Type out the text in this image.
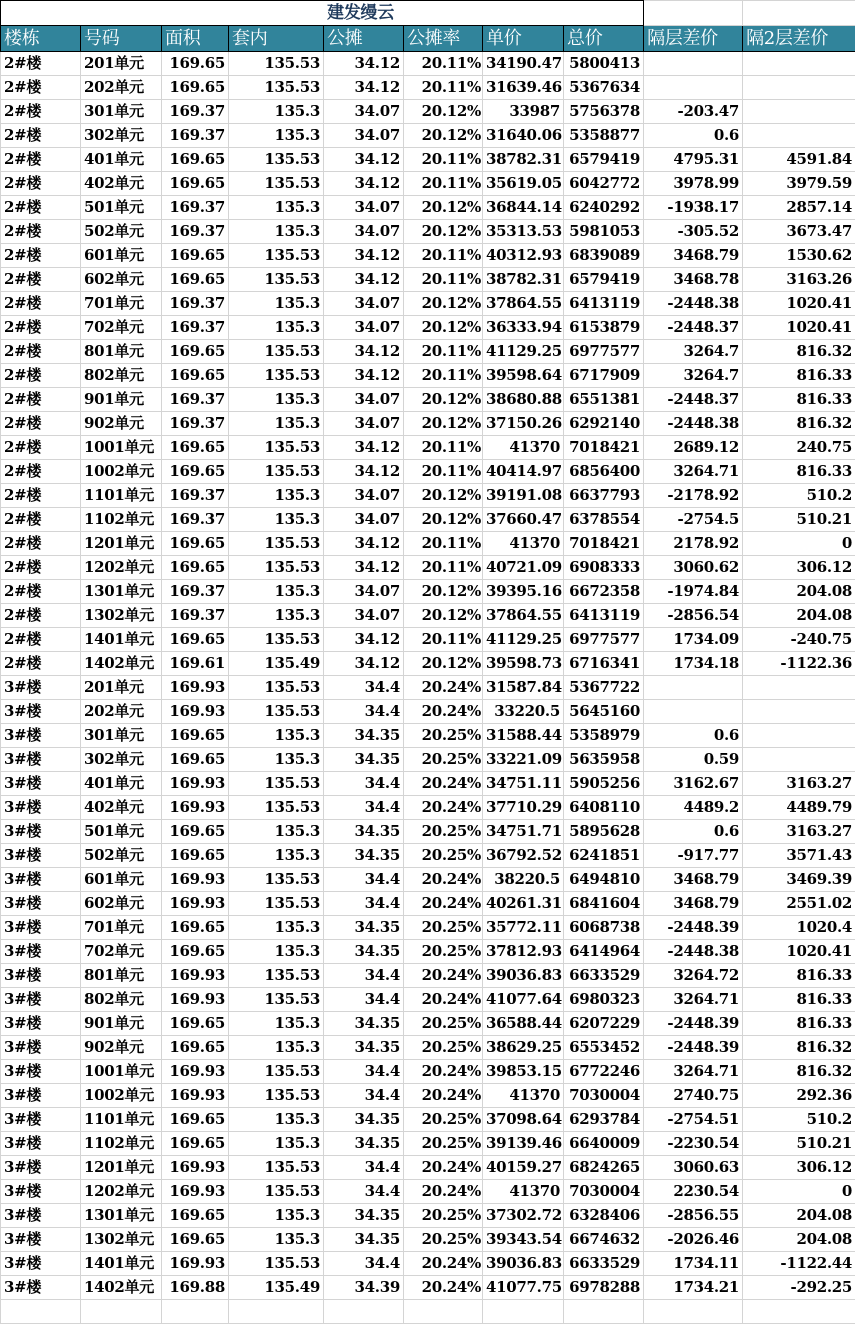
建发缦云									
楼栋	号码	面积	套内	公摊	公摊率	单价	总价	隔层差价	隔2层差价
2#楼	201单元	169.65	135.53	34.12	20.11%	34190.47	5800413		
2#楼	202单元	169.65	135.53	34.12	20.11%	31639.46	5367634		
2#楼	301单元	169.37	135.3	34.07	20.12%	33987	5756378	-203.47	
2#楼	302单元	169.37	135.3	34.07	20.12%	31640.06	5358877	0.6	
2#楼	401单元	169.65	135.53	34.12	20.11%	38782.31	6579419	4795.31	4591.84
2#楼	402单元	169.65	135.53	34.12	20.11%	35619.05	6042772	3978.99	3979.59
2#楼	501单元	169.37	135.3	34.07	20.12%	36844.14	6240292	-1938.17	2857.14
2#楼	502单元	169.37	135.3	34.07	20.12%	35313.53	5981053	-305.52	3673.47
2#楼	601单元	169.65	135.53	34.12	20.11%	40312.93	6839089	3468.79	1530.62
2#楼	602单元	169.65	135.53	34.12	20.11%	38782.31	6579419	3468.78	3163.26
2#楼	701单元	169.37	135.3	34.07	20.12%	37864.55	6413119	-2448.38	1020.41
2#楼	702单元	169.37	135.3	34.07	20.12%	36333.94	6153879	-2448.37	1020.41
2#楼	801单元	169.65	135.53	34.12	20.11%	41129.25	6977577	3264.7	816.32
2#楼	802单元	169.65	135.53	34.12	20.11%	39598.64	6717909	3264.7	816.33
2#楼	901单元	169.37	135.3	34.07	20.12%	38680.88	6551381	-2448.37	816.33
2#楼	902单元	169.37	135.3	34.07	20.12%	37150.26	6292140	-2448.38	816.32
2#楼	1001单元	169.65	135.53	34.12	20.11%	41370	7018421	2689.12	240.75
2#楼	1002单元	169.65	135.53	34.12	20.11%	40414.97	6856400	3264.71	816.33
2#楼	1101单元	169.37	135.3	34.07	20.12%	39191.08	6637793	-2178.92	510.2
2#楼	1102单元	169.37	135.3	34.07	20.12%	37660.47	6378554	-2754.5	510.21
2#楼	1201单元	169.65	135.53	34.12	20.11%	41370	7018421	2178.92	0
2#楼	1202单元	169.65	135.53	34.12	20.11%	40721.09	6908333	3060.62	306.12
2#楼	1301单元	169.37	135.3	34.07	20.12%	39395.16	6672358	-1974.84	204.08
2#楼	1302单元	169.37	135.3	34.07	20.12%	37864.55	6413119	-2856.54	204.08
2#楼	1401单元	169.65	135.53	34.12	20.11%	41129.25	6977577	1734.09	-240.75
2#楼	1402单元	169.61	135.49	34.12	20.12%	39598.73	6716341	1734.18	-1122.36
3#楼	201单元	169.93	135.53	34.4	20.24%	31587.84	5367722		
3#楼	202单元	169.93	135.53	34.4	20.24%	33220.5	5645160		
3#楼	301单元	169.65	135.3	34.35	20.25%	31588.44	5358979	0.6	
3#楼	302单元	169.65	135.3	34.35	20.25%	33221.09	5635958	0.59	
3#楼	401单元	169.93	135.53	34.4	20.24%	34751.11	5905256	3162.67	3163.27
3#楼	402单元	169.93	135.53	34.4	20.24%	37710.29	6408110	4489.2	4489.79
3#楼	501单元	169.65	135.3	34.35	20.25%	34751.71	5895628	0.6	3163.27
3#楼	502单元	169.65	135.3	34.35	20.25%	36792.52	6241851	-917.77	3571.43
3#楼	601单元	169.93	135.53	34.4	20.24%	38220.5	6494810	3468.79	3469.39
3#楼	602单元	169.93	135.53	34.4	20.24%	40261.31	6841604	3468.79	2551.02
3#楼	701单元	169.65	135.3	34.35	20.25%	35772.11	6068738	-2448.39	1020.4
3#楼	702单元	169.65	135.3	34.35	20.25%	37812.93	6414964	-2448.38	1020.41
3#楼	801单元	169.93	135.53	34.4	20.24%	39036.83	6633529	3264.72	816.33
3#楼	802单元	169.93	135.53	34.4	20.24%	41077.64	6980323	3264.71	816.33
3#楼	901单元	169.65	135.3	34.35	20.25%	36588.44	6207229	-2448.39	816.33
3#楼	902单元	169.65	135.3	34.35	20.25%	38629.25	6553452	-2448.39	816.32
3#楼	1001单元	169.93	135.53	34.4	20.24%	39853.15	6772246	3264.71	816.32
3#楼	1002单元	169.93	135.53	34.4	20.24%	41370	7030004	2740.75	292.36
3#楼	1101单元	169.65	135.3	34.35	20.25%	37098.64	6293784	-2754.51	510.2
3#楼	1102单元	169.65	135.3	34.35	20.25%	39139.46	6640009	-2230.54	510.21
3#楼	1201单元	169.93	135.53	34.4	20.24%	40159.27	6824265	3060.63	306.12
3#楼	1202单元	169.93	135.53	34.4	20.24%	41370	7030004	2230.54	0
3#楼	1301单元	169.65	135.3	34.35	20.25%	37302.72	6328406	-2856.55	204.08
3#楼	1302单元	169.65	135.3	34.35	20.25%	39343.54	6674632	-2026.46	204.08
3#楼	1401单元	169.93	135.53	34.4	20.24%	39036.83	6633529	1734.11	-1122.44
3#楼	1402单元	169.88	135.49	34.39	20.24%	41077.75	6978288	1734.21	-292.25
